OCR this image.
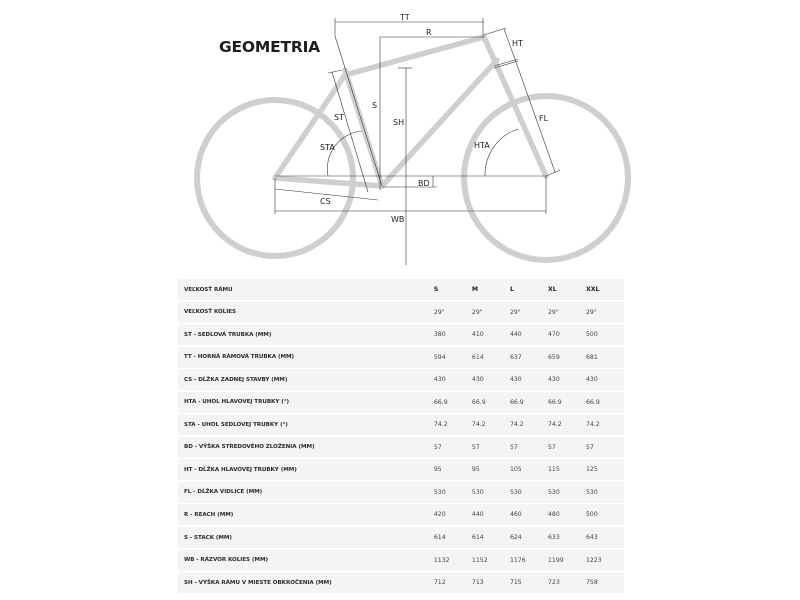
GEOMETRIA
TT
R
HT
S
SH
ST
STA
FL
HTA
BD
CS
WB
VEĽKOSŤ RÁMU	S	M	L	XL	XXL
VEĽKOSŤ KOLIES	29"	29"	29"	29"	29"
ST - SEDLOVÁ TRUBKA (MM)	380	410	440	470	500
TT - HORNÁ RÁMOVÁ TRUBKA (MM)	594	614	637	659	681
CS - DĹŽKA ZADNEJ STAVBY (MM)	430	430	430	430	430
HTA - UHOL HLAVOVEJ TRUBKY (°)	66.9	66.9	66.9	66.9	66.9
STA - UHOL SEDLOVEJ TRUBKY (°)	74.2	74.2	74.2	74.2	74.2
BD - VÝŠKA STREDOVÉHO ZLOŽENIA (MM)	57	57	57	57	57
HT - DĹŽKA HLAVOVEJ TRUBKY (MM)	95	95	105	115	125
FL - DĹŽKA VIDLICE (MM)	530	530	530	530	530
R - REACH (MM)	420	440	460	480	500
S - STACK (MM)	614	614	624	633	643
WB - RÁZVOR KOLIES (MM)	1132	1152	1176	1199	1223
SH - VÝŠKA RÁMU V MIESTE OBKROČENIA (MM)	712	713	715	723	758
